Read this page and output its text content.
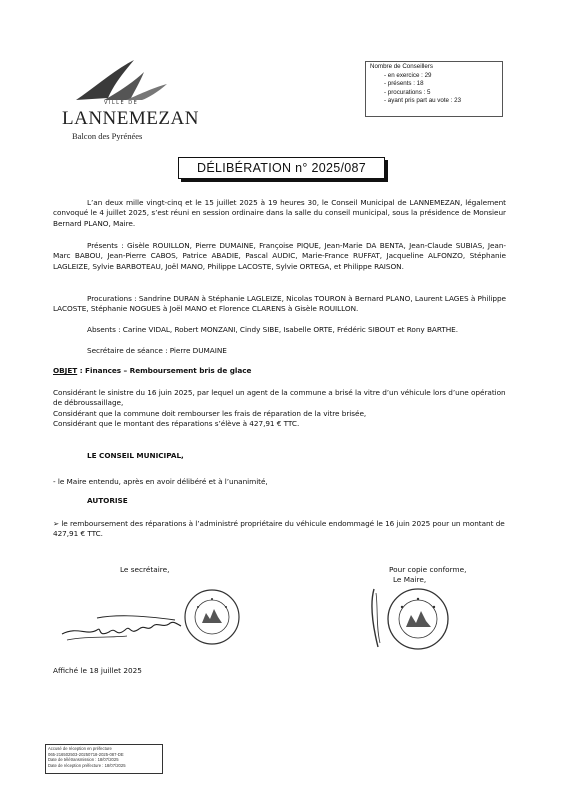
VILLE DE
LANNEMEZAN
Balcon des Pyrénées
Nombre de Conseillers
- en exercice : 29
- présents : 18
- procurations : 5
- ayant pris part au vote : 23
DÉLIBÉRATION n° 2025/087
L’an deux mille vingt-cinq et le 15 juillet 2025 à 19 heures 30, le Conseil Municipal de LANNEMEZAN, légalement convoqué le 4 juillet 2025, s’est réuni en session ordinaire dans la salle du conseil municipal, sous la présidence de Monsieur Bernard PLANO, Maire.
Présents : Gisèle ROUILLON, Pierre DUMAINE, Françoise PIQUE, Jean-Marie DA BENTA, Jean-Claude SUBIAS, Jean-Marc BABOU, Jean-Pierre CABOS, Patrice ABADIE, Pascal AUDIC, Marie-France RUFFAT, Jacqueline ALFONZO, Stéphanie LAGLEIZE, Sylvie BARBOTEAU, Joël MANO, Philippe LACOSTE, Sylvie ORTEGA, et Philippe RAISON.
Procurations : Sandrine DURAN à Stéphanie LAGLEIZE, Nicolas TOURON à Bernard PLANO, Laurent LAGES à Philippe LACOSTE, Stéphanie NOGUES à Joël MANO et Florence CLARENS à Gisèle ROUILLON.
Absents : Carine VIDAL, Robert MONZANI, Cindy SIBE, Isabelle ORTE, Frédéric SIBOUT et Rony BARTHE.
Secrétaire de séance : Pierre DUMAINE
OBJET : Finances – Remboursement bris de glace
Considérant le sinistre du 16 juin 2025, par lequel un agent de la commune a brisé la vitre d’un véhicule lors d’une opération de débroussaillage,
Considérant que la commune doit rembourser les frais de réparation de la vitre brisée,
Considérant que le montant des réparations s’élève à 427,91 € TTC.
LE CONSEIL MUNICIPAL,
- le Maire entendu, après en avoir délibéré et à l’unanimité,
AUTORISE
➢ le remboursement des réparations à l’administré propriétaire du véhicule endommagé le 16 juin 2025 pour un montant de 427,91 € TTC.
Le secrétaire,	Pour copie conforme,
Le Maire,
Affiché le 18 juillet 2025
Accusé de réception en préfecture
065-216502503-20250718-2025-087-DE
Date de télétransmission : 18/07/2025
Date de réception préfecture : 18/07/2025
